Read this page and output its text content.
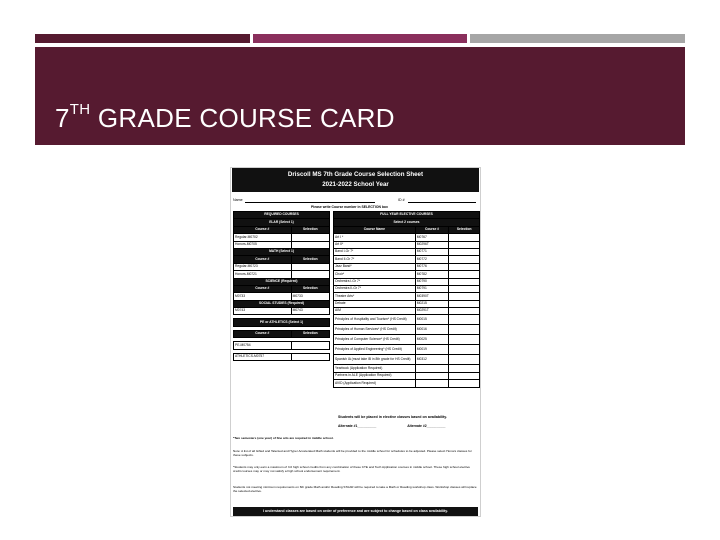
7TH GRADE COURSE CARD
Driscoll MS 7th Grade Course Selection Sheet
2021-2022 School Year
Name	ID #
Please write Course number in SELECTION box
REQUIRED COURSES	
ELAR (Select 1)	
Course #	Selection
Regular-M0702	
Honors-M0705	
MATH (Select 1)	
Course #	Selection
Regular-M0723	
Honors-M0721	
SCIENCE (Required)	
Course #	Selection
M0733	M0733
SOCIAL STUDIES (Required)	
M0743	M0743

PE or ATHLETICS (Select 1)	

Course #	Selection

PE-M0754	

ATHLETICS-M0757	
FULL YEAR ELECTIVE COURSES		
Select 2 courses		
Course Name	Course #	Selection
Art I *	M0767	
Art II*	M0296T	
Band I-Gr 7*	M0771	
Band II-Gr 7*	M0772	
Jazz Band*	M0776	
Choir*	M0782	
Orchestra I-Gr 7*	M0790	
Orchestra II-Gr 7*	M0791	
Theatre Arts*	M0390T	
Debate	M0215	
AIM	M0291T	
Principles of Hospitality and Tourism* (HS Credit)	M0015	
Principles of Human Services* (HS Credit)	M0016	
Principles of Computer Science* (HS Credit)	M0025	
Principles of Applied Engineering* (HS Credit)	M0019	
Spanish IA (must take IB in 8th grade for HS Credit)	M0312	
Yearbook (Application Required)		
Partners in ALE (Application Required)		
AVID (Application Required)		
Students will be placed in elective classes based on availability.
Alternate #1__________	Alternate #2__________
*Two semesters (one year) of fine arts are required in middle school.
Note: A list of all Gifted and Talented and Hyper Accelerated Math students will be provided to the middle school for schedules to be adjusted. Please select Honors classes for these subjects.
*Students may only earn a maximum of 3.0 high school credits from any combination of these CTE and Tech Application courses in middle school. These high school elective credit courses may or may not satisfy a high school endorsement requirement.
Students not meeting minimum requirements on 6th grade Math and/or Reading STAAR will be required to take a Math or Reading workshop class. Workshop classes will replace the selected elective.
I understand classes are based on order of preference and are subject to change based on class availability.
